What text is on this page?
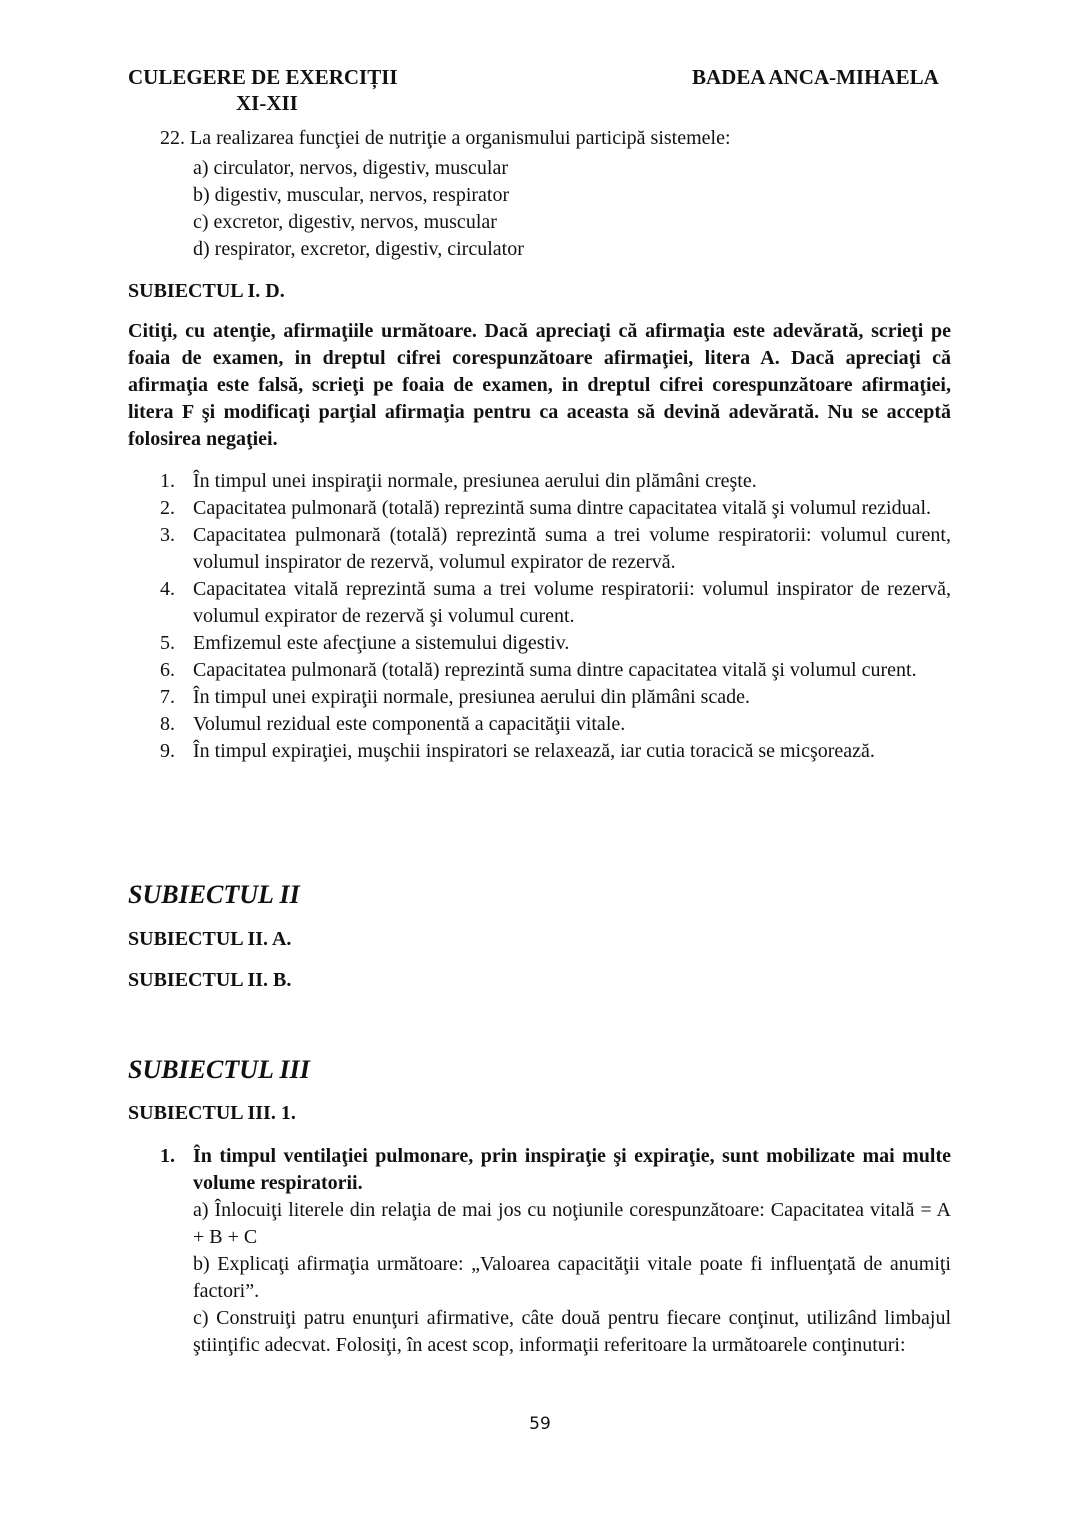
CULEGERE DE EXERCIȚII
XI-XII
BADEA ANCA-MIHAELA
22. La realizarea funcţiei de nutriţie a organismului participă sistemele:
a) circulator, nervos, digestiv, muscular
b) digestiv, muscular, nervos, respirator
c) excretor, digestiv, nervos, muscular
d) respirator, excretor, digestiv, circulator
SUBIECTUL I. D.
Citiţi, cu atenţie, afirmaţiile următoare. Dacă apreciaţi că afirmaţia este adevărată, scrieţi pe foaia de examen, in dreptul cifrei corespunzătoare afirmaţiei, litera A. Dacă apreciaţi că afirmaţia este falsă, scrieţi pe foaia de examen, in dreptul cifrei corespunzătoare afirmaţiei, litera F şi modificaţi parţial afirmaţia pentru ca aceasta să devină adevărată. Nu se acceptă folosirea negaţiei.
1. În timpul unei inspiraţii normale, presiunea aerului din plămâni creşte.
2. Capacitatea pulmonară (totală) reprezintă suma dintre capacitatea vitală şi volumul rezidual.
3. Capacitatea pulmonară (totală) reprezintă suma a trei volume respiratorii: volumul curent, volumul inspirator de rezervă, volumul expirator de rezervă.
4. Capacitatea vitală reprezintă suma a trei volume respiratorii: volumul inspirator de rezervă, volumul expirator de rezervă şi volumul curent.
5. Emfizemul este afecţiune a sistemului digestiv.
6. Capacitatea pulmonară (totală) reprezintă suma dintre capacitatea vitală şi volumul curent.
7. În timpul unei expiraţii normale, presiunea aerului din plămâni scade.
8. Volumul rezidual este componentă a capacităţii vitale.
9. În timpul expiraţiei, muşchii inspiratori se relaxează, iar cutia toracică se micşorează.
SUBIECTUL II
SUBIECTUL II. A.
SUBIECTUL II. B.
SUBIECTUL III
SUBIECTUL III. 1.
1. În timpul ventilaţiei pulmonare, prin inspiraţie şi expiraţie, sunt mobilizate mai multe volume respiratorii.
a) Înlocuiţi literele din relaţia de mai jos cu noţiunile corespunzătoare: Capacitatea vitală = A + B + C
b) Explicaţi afirmaţia următoare: „Valoarea capacităţii vitale poate fi influenţată de anumiţi factori”.
c) Construiţi patru enunţuri afirmative, câte două pentru fiecare conţinut, utilizând limbajul ştiinţific adecvat. Folosiţi, în acest scop, informaţii referitoare la următoarele conţinuturi:
59
